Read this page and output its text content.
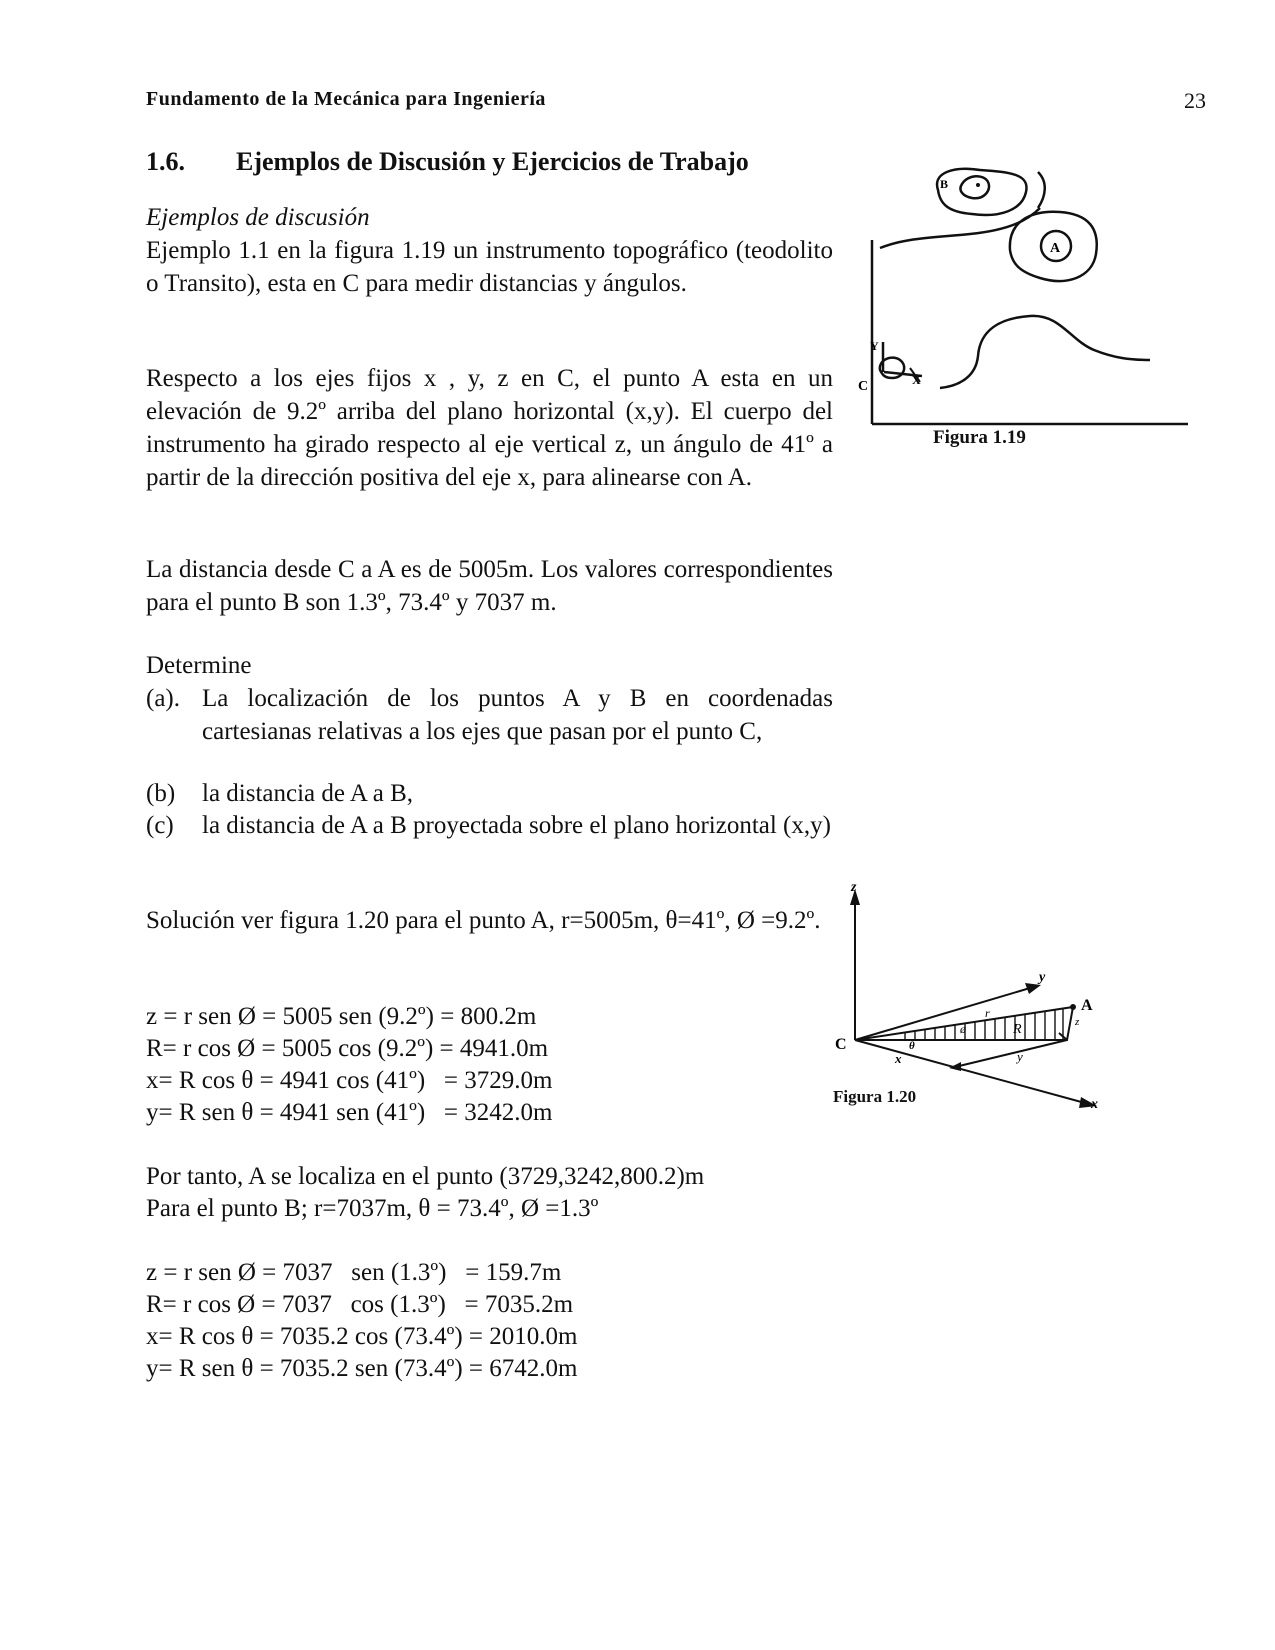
Fundamento de la Mecánica para Ingeniería	23
1.6. Ejemplos de Discusión y Ejercicios de Trabajo
Ejemplos de discusión
Ejemplo 1.1 en la figura 1.19 un instrumento topográfico (teodolito o Transito), esta en C para medir distancias y ángulos.
Respecto a los ejes fijos x , y, z en C, el punto A esta en un elevación de 9.2º arriba del plano horizontal (x,y). El cuerpo del instrumento ha girado respecto al eje vertical z, un ángulo de 41º a partir de la dirección positiva del eje x, para alinearse con A.
La distancia desde C a A es de 5005m. Los valores correspondientes para el punto B son 1.3º, 73.4º y 7037 m.
Determine
(a). La localización de los puntos A y B en coordenadas cartesianas relativas a los ejes que pasan por el punto C,
(b) la distancia de A a B,
(c) la distancia de A a B proyectada sobre el plano horizontal (x,y)
Solución ver figura 1.20 para el punto A, r=5005m, θ=41º, Ø =9.2º.
z = r sen Ø = 5005 sen (9.2º) = 800.2m
R= r cos Ø = 5005 cos (9.2º) = 4941.0m
x= R cos θ = 4941 cos (41º)   = 3729.0m
y= R sen θ = 4941 sen (41º)   = 3242.0m
Por tanto, A se localiza en el punto (3729,3242,800.2)m
Para el punto B; r=7037m, θ = 73.4º, Ø =1.3º
z = r sen Ø = 7037   sen (1.3º)   = 159.7m
R= r cos Ø = 7037   cos (1.3º)   = 7035.2m
x= R cos θ = 7035.2 cos (73.4º) = 2010.0m
y= R sen θ = 7035.2 sen (73.4º) = 6742.0m
B
A
Y
C	X
Figura 1.19
z
y
x
A
z
C
r
R
ø
θ
x	y
Figura 1.20
